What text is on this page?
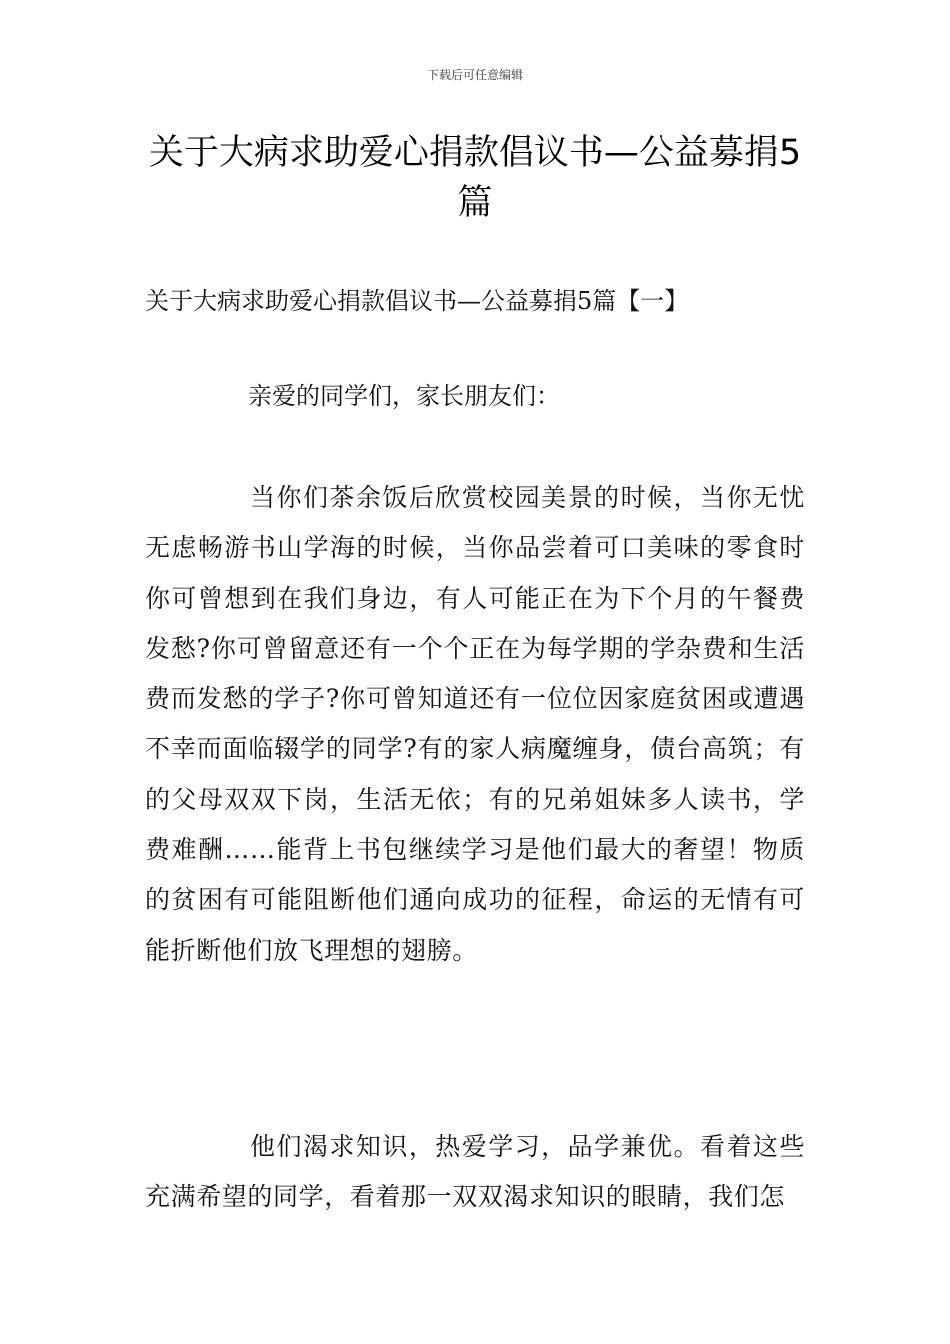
下载后可任意编辑
关于大病求助爱心捐款倡议书—公益募捐5篇
关于大病求助爱心捐款倡议书—公益募捐5篇【一】
亲爱的同学们，家长朋友们：

当你们茶余饭后欣赏校园美景的时候，当你无忧无虑畅游书山学海的时候，当你品尝着可口美味的零食时你可曾想到在我们身边，有人可能正在为下个月的午餐费发愁?你可曾留意还有一个个正在为每学期的学杂费和生活费而发愁的学子?你可曾知道还有一位位因家庭贫困或遭遇不幸而面临辍学的同学?有的家人病魔缠身，债台高筑；有的父母双双下岗，生活无依；有的兄弟姐妹多人读书，学费难酬……能背上书包继续学习是他们最大的奢望！物质的贫困有可能阻断他们通向成功的征程，命运的无情有可能折断他们放飞理想的翅膀。

他们渴求知识，热爱学习，品学兼优。看着这些充满希望的同学，看着那一双双渴求知识的眼睛，我们怎
